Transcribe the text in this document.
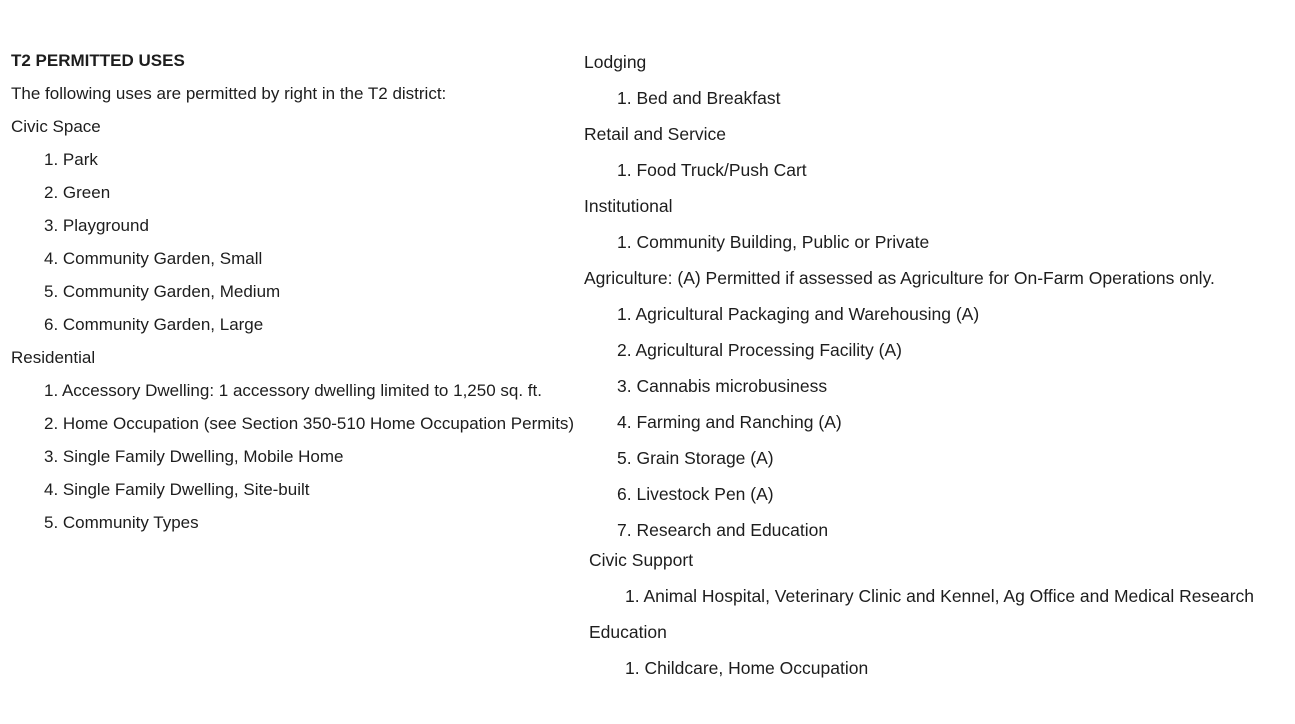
T2 PERMITTED USES
The following uses are permitted by right in the T2 district:
Civic Space
1. Park
2. Green
3. Playground
4. Community Garden, Small
5. Community Garden, Medium
6. Community Garden, Large
Residential
1. Accessory Dwelling: 1 accessory dwelling limited to 1,250 sq. ft.
2. Home Occupation (see Section 350-510 Home Occupation Permits)
3. Single Family Dwelling, Mobile Home
4. Single Family Dwelling, Site-built
5. Community Types
Lodging
1. Bed and Breakfast
Retail and Service
1. Food Truck/Push Cart
Institutional
1. Community Building, Public or Private
Agriculture: (A) Permitted if assessed as Agriculture for On-Farm Operations only.
1. Agricultural Packaging and Warehousing (A)
2. Agricultural Processing Facility (A)
3. Cannabis microbusiness
4. Farming and Ranching (A)
5. Grain Storage (A)
6. Livestock Pen (A)
7. Research and Education
Civic Support
1. Animal Hospital, Veterinary Clinic and Kennel, Ag Office and Medical Research
Education
1. Childcare, Home Occupation
